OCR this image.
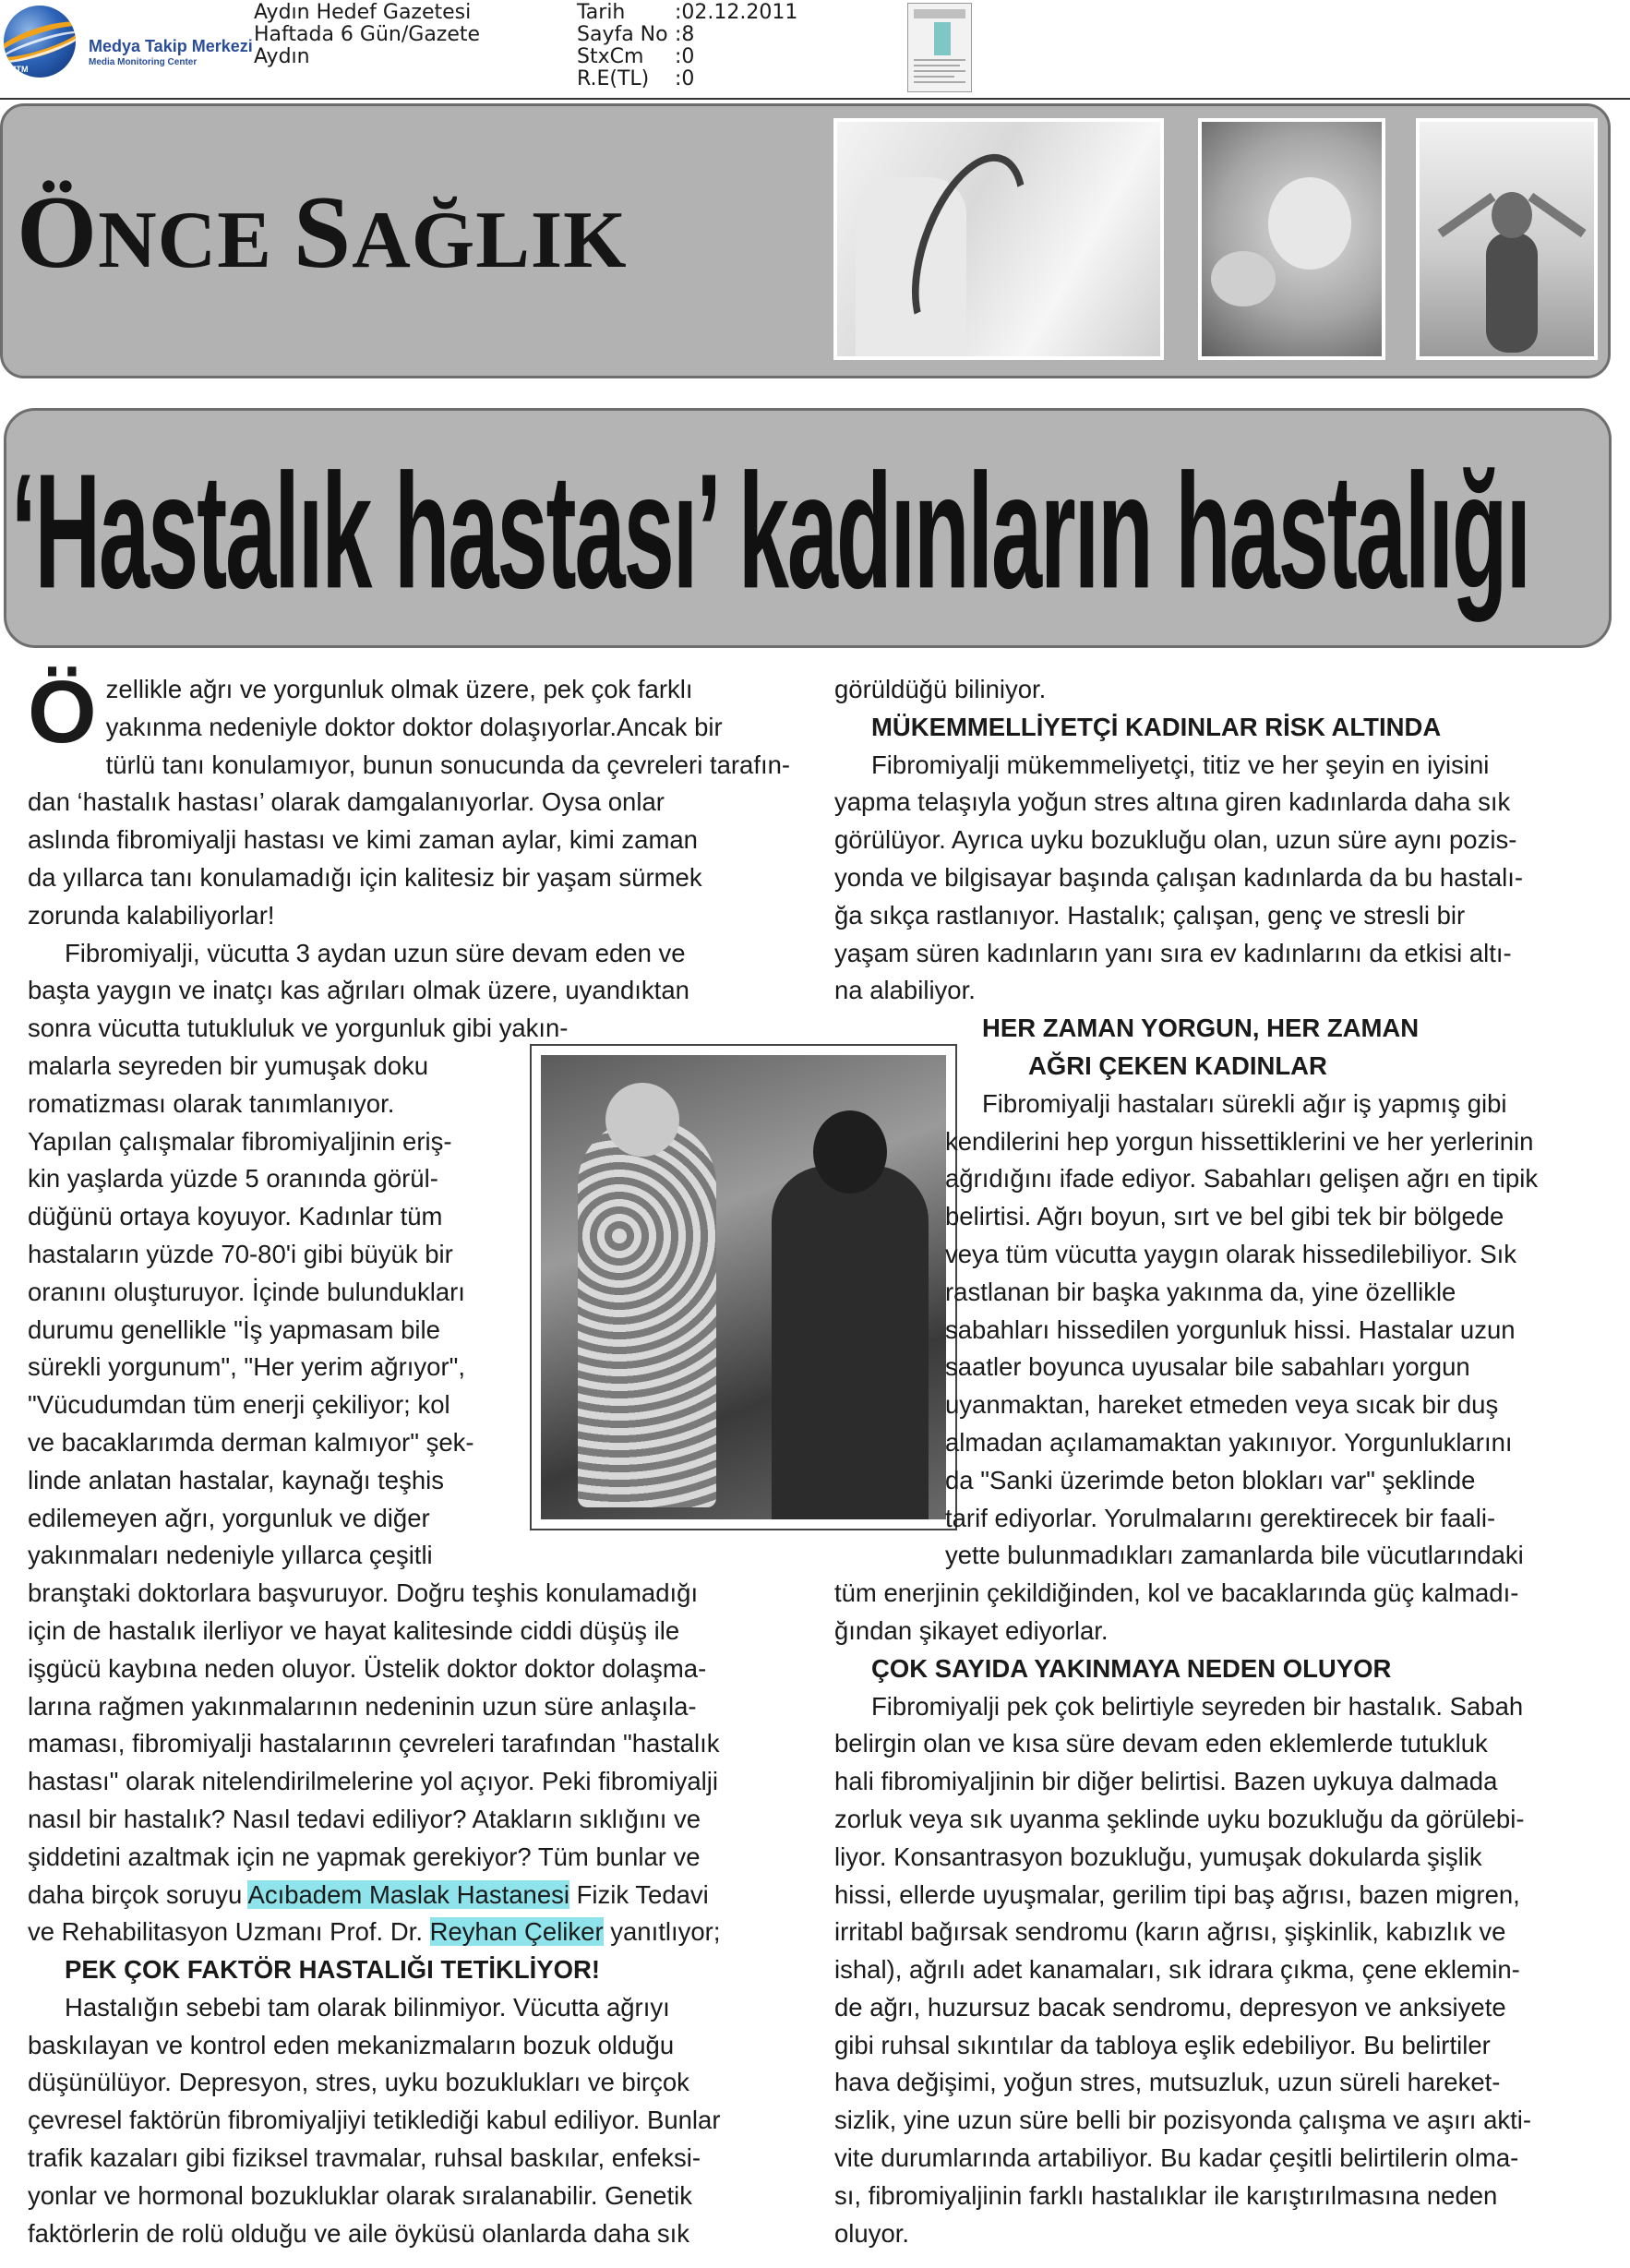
MTM
Medya Takip Merkezi
Media Monitoring Center
Aydın Hedef Gazetesi
Haftada 6 Gün/Gazete
Aydın
Tarih	:02.12.2011
Sayfa No :8
StxCm	:0
R.E(TL)	:0
ÖNCE SAĞLIK
‘Hastalık hastası’ kadınların hastalığı
Ö zellikle ağrı ve yorgunluk olmak üzere, pek çok farklı
yakınma nedeniyle doktor doktor dolaşıyorlar.Ancak bir
türlü tanı konulamıyor, bunun sonucunda da çevreleri tarafın-
dan ‘hastalık hastası’ olarak damgalanıyorlar. Oysa onlar
aslında fibromiyalji hastası ve kimi zaman aylar, kimi zaman
da yıllarca tanı konulamadığı için kalitesiz bir yaşam sürmek
zorunda kalabiliyorlar!
Fibromiyalji, vücutta 3 aydan uzun süre devam eden ve
başta yaygın ve inatçı kas ağrıları olmak üzere, uyandıktan
sonra vücutta tutukluluk ve yorgunluk gibi yakın-
malarla seyreden bir yumuşak doku
romatizması olarak tanımlanıyor.
Yapılan çalışmalar fibromiyaljinin eriş-
kin yaşlarda yüzde 5 oranında görül-
düğünü ortaya koyuyor. Kadınlar tüm
hastaların yüzde 70-80'i gibi büyük bir
oranını oluşturuyor. İçinde bulundukları
durumu genellikle "İş yapmasam bile
sürekli yorgunum", "Her yerim ağrıyor",
"Vücudumdan tüm enerji çekiliyor; kol
ve bacaklarımda derman kalmıyor" şek-
linde anlatan hastalar, kaynağı teşhis
edilemeyen ağrı, yorgunluk ve diğer
yakınmaları nedeniyle yıllarca çeşitli
branştaki doktorlara başvuruyor. Doğru teşhis konulamadığı
için de hastalık ilerliyor ve hayat kalitesinde ciddi düşüş ile
işgücü kaybına neden oluyor. Üstelik doktor doktor dolaşma-
larına rağmen yakınmalarının nedeninin uzun süre anlaşıla-
maması, fibromiyalji hastalarının çevreleri tarafından "hastalık
hastası" olarak nitelendirilmelerine yol açıyor. Peki fibromiyalji
nasıl bir hastalık? Nasıl tedavi ediliyor? Atakların sıklığını ve
şiddetini azaltmak için ne yapmak gerekiyor? Tüm bunlar ve
daha birçok soruyu Acıbadem Maslak Hastanesi Fizik Tedavi
ve Rehabilitasyon Uzmanı Prof. Dr. Reyhan Çeliker yanıtlıyor;
PEK ÇOK FAKTÖR HASTALIĞI TETİKLİYOR!
Hastalığın sebebi tam olarak bilinmiyor. Vücutta ağrıyı
baskılayan ve kontrol eden mekanizmaların bozuk olduğu
düşünülüyor. Depresyon, stres, uyku bozuklukları ve birçok
çevresel faktörün fibromiyaljiyi tetiklediği kabul ediliyor. Bunlar
trafik kazaları gibi fiziksel travmalar, ruhsal baskılar, enfeksi-
yonlar ve hormonal bozukluklar olarak sıralanabilir. Genetik
faktörlerin de rolü olduğu ve aile öyküsü olanlarda daha sık
görüldüğü biliniyor.
MÜKEMMELLİYETÇİ KADINLAR RİSK ALTINDA
Fibromiyalji mükemmeliyetçi, titiz ve her şeyin en iyisini
yapma telaşıyla yoğun stres altına giren kadınlarda daha sık
görülüyor. Ayrıca uyku bozukluğu olan, uzun süre aynı pozis-
yonda ve bilgisayar başında çalışan kadınlarda da bu hastalı-
ğa sıkça rastlanıyor. Hastalık; çalışan, genç ve stresli bir
yaşam süren kadınların yanı sıra ev kadınlarını da etkisi altı-
na alabiliyor.
HER ZAMAN YORGUN, HER ZAMAN
AĞRI ÇEKEN KADINLAR
Fibromiyalji hastaları sürekli ağır iş yapmış gibi
kendilerini hep yorgun hissettiklerini ve her yerlerinin
ağrıdığını ifade ediyor. Sabahları gelişen ağrı en tipik
belirtisi. Ağrı boyun, sırt ve bel gibi tek bir bölgede
veya tüm vücutta yaygın olarak hissedilebiliyor. Sık
rastlanan bir başka yakınma da, yine özellikle
sabahları hissedilen yorgunluk hissi. Hastalar uzun
saatler boyunca uyusalar bile sabahları yorgun
uyanmaktan, hareket etmeden veya sıcak bir duş
almadan açılamamaktan yakınıyor. Yorgunluklarını
da "Sanki üzerimde beton blokları var" şeklinde
tarif ediyorlar. Yorulmalarını gerektirecek bir faali-
yette bulunmadıkları zamanlarda bile vücutlarındaki
tüm enerjinin çekildiğinden, kol ve bacaklarında güç kalmadı-
ğından şikayet ediyorlar.
ÇOK SAYIDA YAKINMAYA NEDEN OLUYOR
Fibromiyalji pek çok belirtiyle seyreden bir hastalık. Sabah
belirgin olan ve kısa süre devam eden eklemlerde tutukluk
hali fibromiyaljinin bir diğer belirtisi. Bazen uykuya dalmada
zorluk veya sık uyanma şeklinde uyku bozukluğu da görülebi-
liyor. Konsantrasyon bozukluğu, yumuşak dokularda şişlik
hissi, ellerde uyuşmalar, gerilim tipi baş ağrısı, bazen migren,
irritabl bağırsak sendromu (karın ağrısı, şişkinlik, kabızlık ve
ishal), ağrılı adet kanamaları, sık idrara çıkma, çene eklemin-
de ağrı, huzursuz bacak sendromu, depresyon ve anksiyete
gibi ruhsal sıkıntılar da tabloya eşlik edebiliyor. Bu belirtiler
hava değişimi, yoğun stres, mutsuzluk, uzun süreli hareket-
sizlik, yine uzun süre belli bir pozisyonda çalışma ve aşırı akti-
vite durumlarında artabiliyor. Bu kadar çeşitli belirtilerin olma-
sı, fibromiyaljinin farklı hastalıklar ile karıştırılmasına neden
oluyor.
